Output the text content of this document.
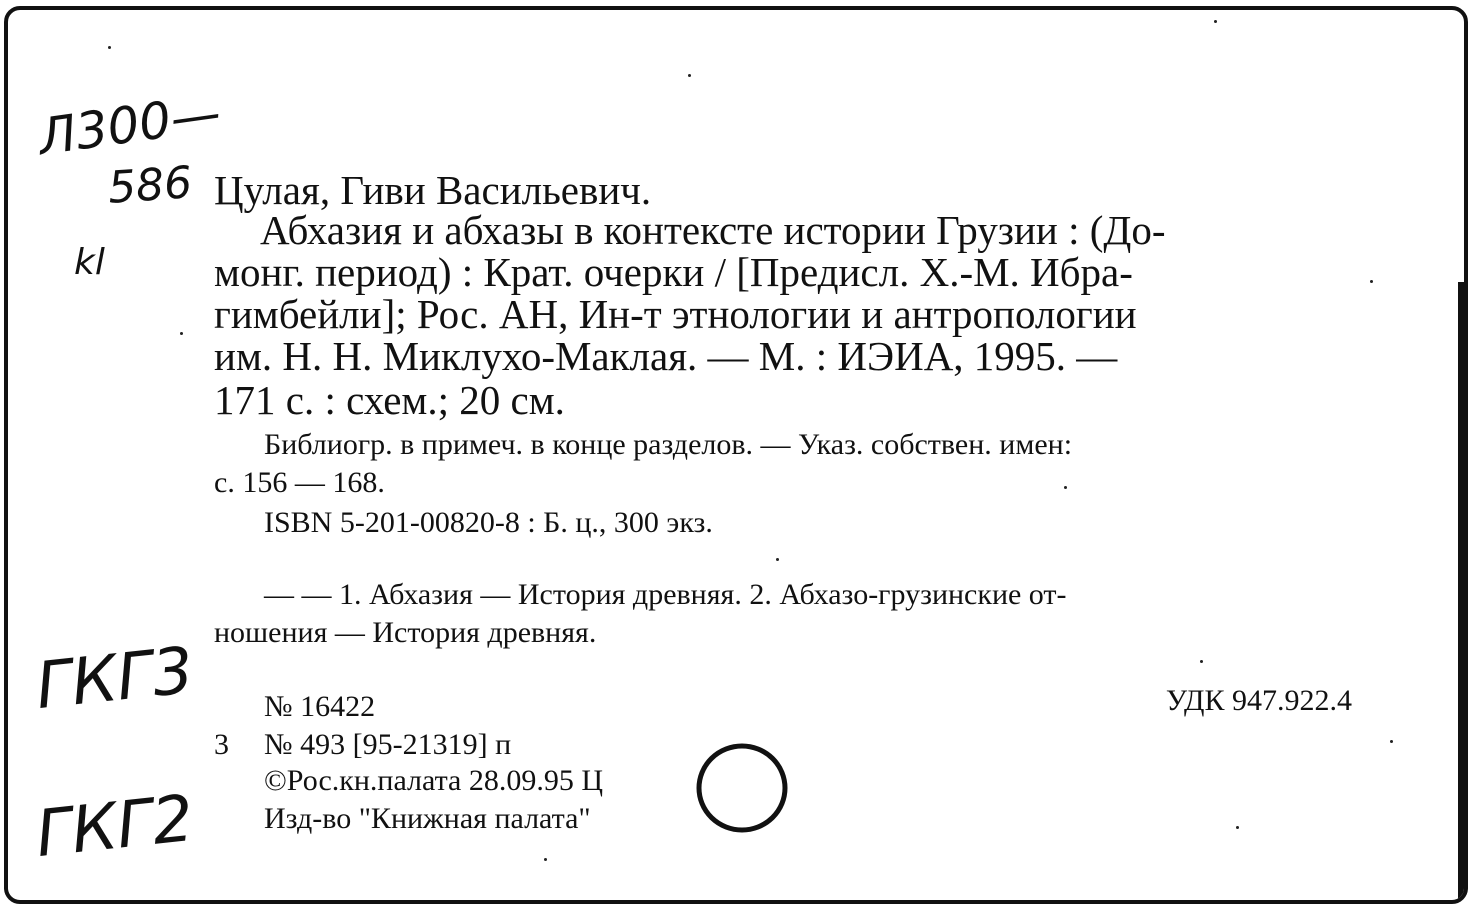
Л300—
586
kl
ГКГ3
ГКГ2
Цулая, Гиви Васильевич.
Абхазия и абхазы в контексте истории Грузии : (До-
монг. период) : Крат. очерки / [Предисл. Х.-М. Ибра-
гимбейли]; Рос. АН, Ин-т этнологии и антропологии
им. Н. Н. Миклухо-Маклая. — М. : ИЭИА, 1995. —
171 с. : схем.; 20 см.
Библиогр. в примеч. в конце разделов. — Указ. собствен. имен:
с. 156 — 168.
ISBN 5-201-00820-8 : Б. ц., 300 экз.
— — 1. Абхазия — История древняя. 2. Абхазо-грузинские от-
ношения — История древняя.
№ 16422	УДК 947.922.4
3 № 493 [95-21319] п
©Рос.кн.палата 28.09.95 Ц
Изд-во "Книжная палата"
